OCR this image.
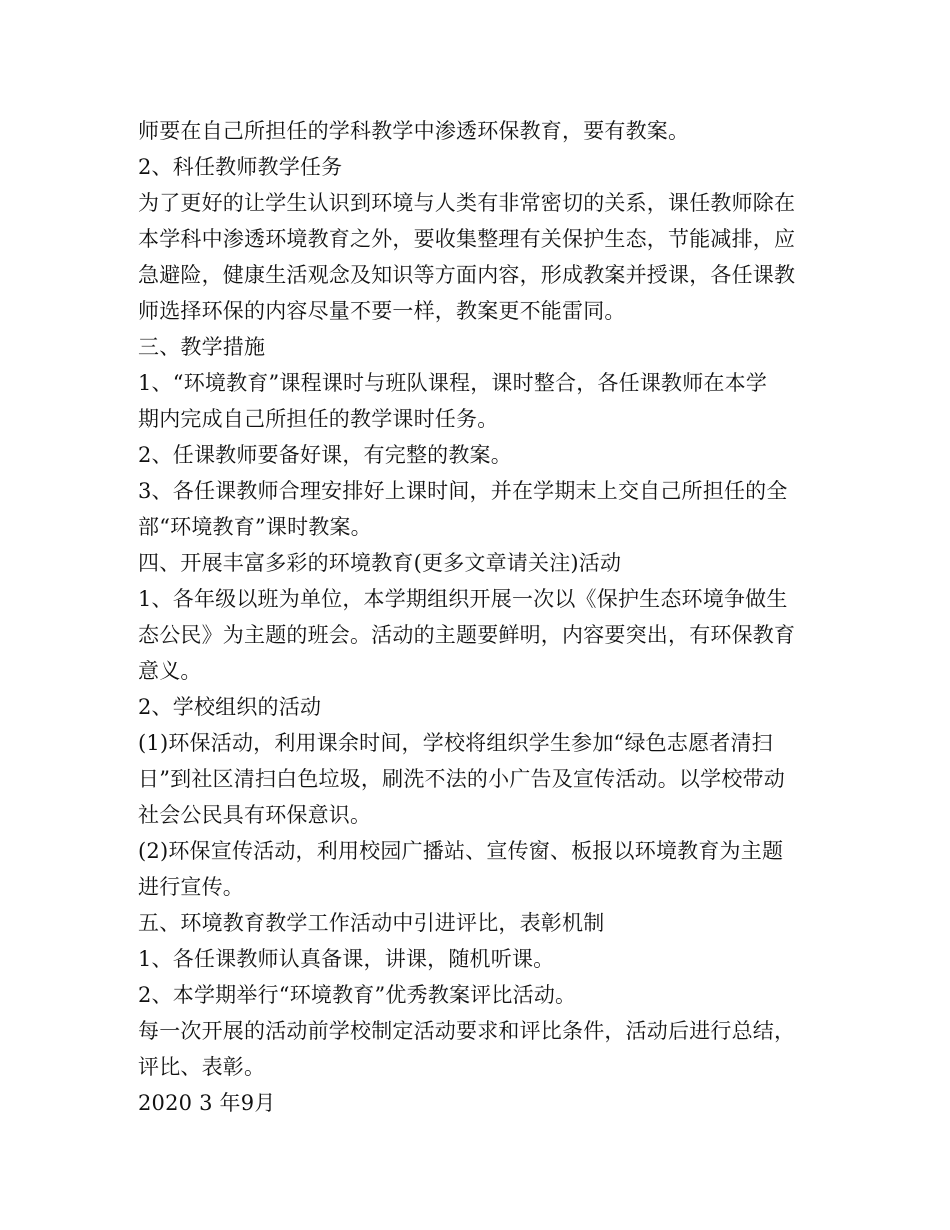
师要在自己所担任的学科教学中渗透环保教育，要有教案。
2、科任教师教学任务
为了更好的让学生认识到环境与人类有非常密切的关系，课任教师除在
本学科中渗透环境教育之外，要收集整理有关保护生态，节能减排，应
急避险，健康生活观念及知识等方面内容，形成教案并授课，各任课教
师选择环保的内容尽量不要一样，教案更不能雷同。
三、教学措施
1、“环境教育”课程课时与班队课程，课时整合，各任课教师在本学
期内完成自己所担任的教学课时任务。
2、任课教师要备好课，有完整的教案。
3、各任课教师合理安排好上课时间，并在学期末上交自己所担任的全
部“环境教育”课时教案。
四、开展丰富多彩的环境教育(更多文章请关注)活动
1、各年级以班为单位，本学期组织开展一次以《保护生态环境争做生
态公民》为主题的班会。活动的主题要鲜明，内容要突出，有环保教育
意义。
2、学校组织的活动
(1)环保活动，利用课余时间，学校将组织学生参加“绿色志愿者清扫
日”到社区清扫白色垃圾，刷洗不法的小广告及宣传活动。以学校带动
社会公民具有环保意识。
(2)环保宣传活动，利用校园广播站、宣传窗、板报以环境教育为主题
进行宣传。
五、环境教育教学工作活动中引进评比，表彰机制
1、各任课教师认真备课，讲课，随机听课。
2、本学期举行“环境教育”优秀教案评比活动。
每一次开展的活动前学校制定活动要求和评比条件，活动后进行总结，
评比、表彰。
2020 3 年9月
